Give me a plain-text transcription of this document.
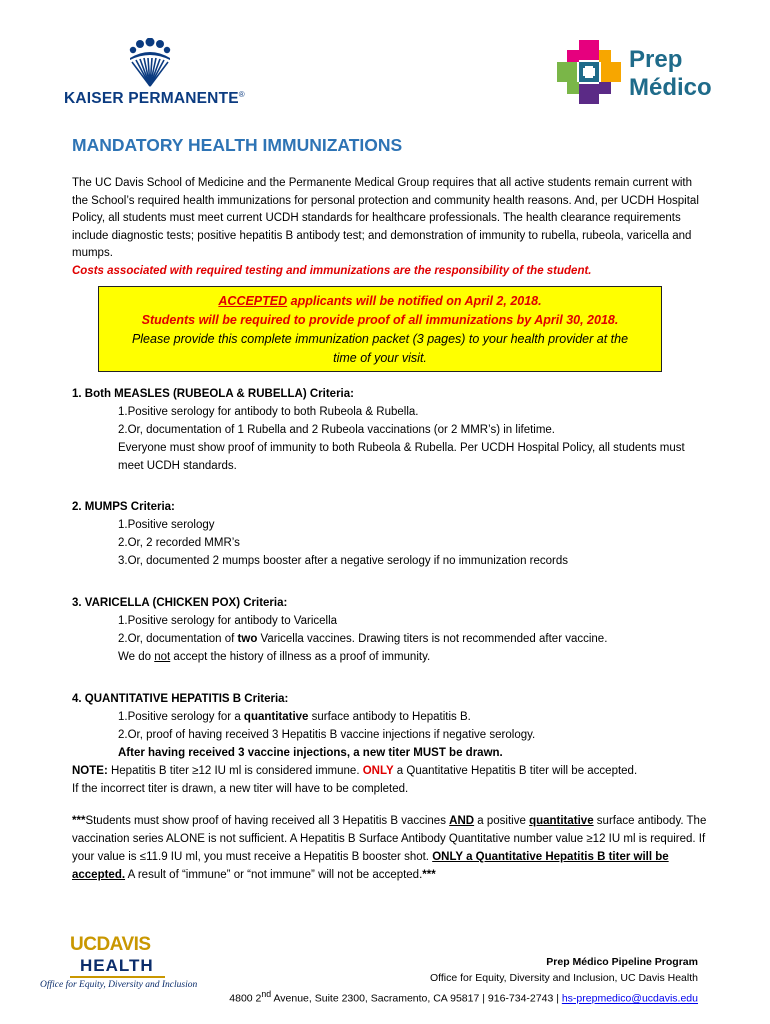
KAISER PERMANENTE®
Prep
Médico
MANDATORY HEALTH IMMUNIZATIONS
The UC Davis School of Medicine and the Permanente Medical Group requires that all active students remain current with the School’s required health immunizations for personal protection and community health reasons. And, per UCDH Hospital Policy, all students must meet current UCDH standards for healthcare professionals. The health clearance requirements include diagnostic tests; positive hepatitis B antibody test; and demonstration of immunity to rubella, rubeola, varicella and mumps.
Costs associated with required testing and immunizations are the responsibility of the student.
ACCEPTED applicants will be notified on April 2, 2018.
Students will be required to provide proof of all immunizations by April 30, 2018.
Please provide this complete immunization packet (3 pages) to your health provider at the time of your visit.
1. Both MEASLES (RUBEOLA & RUBELLA) Criteria:
1.Positive serology for antibody to both Rubeola & Rubella.
2.Or, documentation of 1 Rubella and 2 Rubeola vaccinations (or 2 MMR’s) in lifetime.
Everyone must show proof of immunity to both Rubeola & Rubella. Per UCDH Hospital Policy, all students must meet UCDH standards.
2. MUMPS Criteria:
1.Positive serology
2.Or, 2 recorded MMR’s
3.Or, documented 2 mumps booster after a negative serology if no immunization records
3. VARICELLA (CHICKEN POX) Criteria:
1.Positive serology for antibody to Varicella
2.Or, documentation of two Varicella vaccines. Drawing titers is not recommended after vaccine.
We do not accept the history of illness as a proof of immunity.
4. QUANTITATIVE HEPATITIS B Criteria:
1.Positive serology for a quantitative surface antibody to Hepatitis B.
2.Or, proof of having received 3 Hepatitis B vaccine injections if negative serology.
After having received 3 vaccine injections, a new titer MUST be drawn.
NOTE: Hepatitis B titer ≥12 IU ml is considered immune. ONLY a Quantitative Hepatitis B titer will be accepted.
If the incorrect titer is drawn, a new titer will have to be completed.
***Students must show proof of having received all 3 Hepatitis B vaccines AND a positive quantitative surface antibody. The vaccination series ALONE is not sufficient. A Hepatitis B Surface Antibody Quantitative number value ≥12 IU ml is required. If your value is ≤11.9 IU ml, you must receive a Hepatitis B booster shot. ONLY a Quantitative Hepatitis B titer will be accepted. A result of “immune” or “not immune” will not be accepted.***
UCDAVIS
HEALTH
Office for Equity, Diversity and Inclusion
Prep Médico Pipeline Program
Office for Equity, Diversity and Inclusion, UC Davis Health
4800 2nd Avenue, Suite 2300, Sacramento, CA 95817 | 916-734-2743 | hs-prepmedico@ucdavis.edu
